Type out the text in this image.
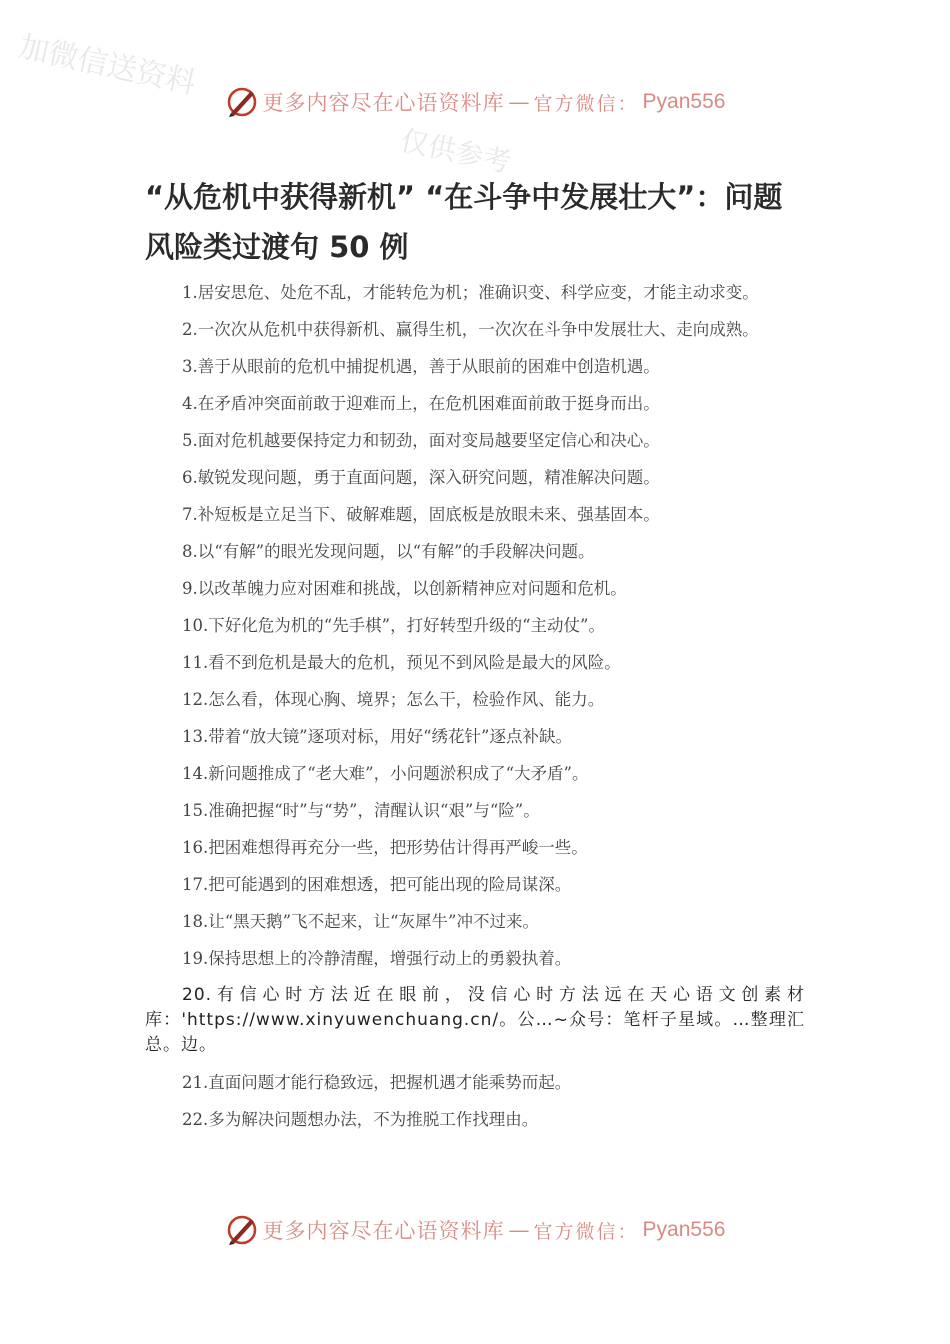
加微信送资料
仅供参考
更多内容尽在心语资料库 — 官方微信： Pyan556
“从危机中获得新机” “在斗争中发展壮大”：问题风险类过渡句 50 例

1.居安思危、处危不乱，才能转危为机；准确识变、科学应变，才能主动求变。

2.一次次从危机中获得新机、赢得生机，一次次在斗争中发展壮大、走向成熟。

3.善于从眼前的危机中捕捉机遇，善于从眼前的困难中创造机遇。

4.在矛盾冲突面前敢于迎难而上，在危机困难面前敢于挺身而出。

5.面对危机越要保持定力和韧劲，面对变局越要坚定信心和决心。

6.敏锐发现问题，勇于直面问题，深入研究问题，精准解决问题。

7.补短板是立足当下、破解难题，固底板是放眼未来、强基固本。

8.以“有解”的眼光发现问题，以“有解”的手段解决问题。

9.以改革魄力应对困难和挑战，以创新精神应对问题和危机。

10.下好化危为机的“先手棋”，打好转型升级的“主动仗”。

11.看不到危机是最大的危机，预见不到风险是最大的风险。

12.怎么看，体现心胸、境界；怎么干，检验作风、能力。

13.带着“放大镜”逐项对标，用好“绣花针”逐点补缺。

14.新问题推成了“老大难”，小问题淤积成了“大矛盾”。

15.准确把握“时”与“势”，清醒认识“艰”与“险”。

16.把困难想得再充分一些，把形势估计得再严峻一些。

17.把可能遇到的困难想透，把可能出现的险局谋深。

18.让“黑天鹅”飞不起来，让“灰犀牛”冲不过来。

19.保持思想上的冷静清醒，增强行动上的勇毅执着。

20.有信心时方法近在眼前，没信心时方法远在天心语文创素材库：'https://www.xinyuwenchuang.cn/。公…~众号：笔杆子星域。…整理汇总。边。

21.直面问题才能行稳致远，把握机遇才能乘势而起。

22.多为解决问题想办法，不为推脱工作找理由。

更多内容尽在心语资料库 — 官方微信： Pyan556
